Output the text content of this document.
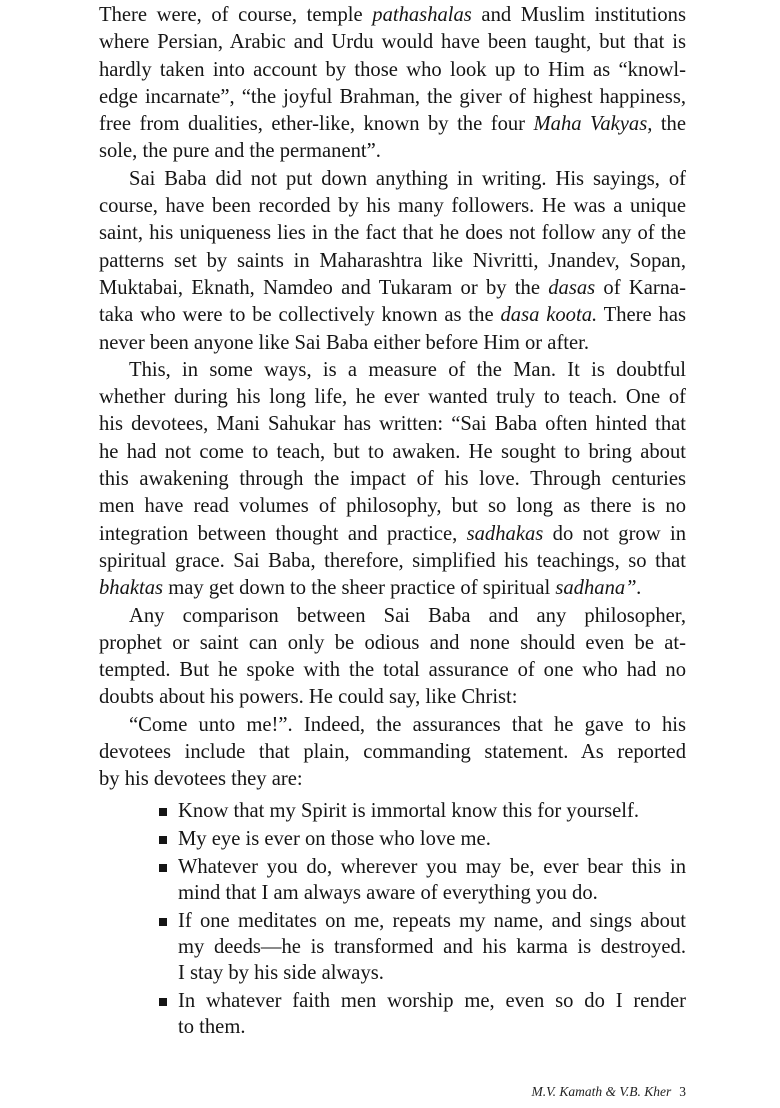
There were, of course, temple pathashalas and Muslim institutions
where Persian, Arabic and Urdu would have been taught, but that is
hardly taken into account by those who look up to Him as “knowl-
edge incarnate”, “the joyful Brahman, the giver of highest happiness,
free from dualities, ether-like, known by the four Maha Vakyas, the
sole, the pure and the permanent”.
Sai Baba did not put down anything in writing. His sayings, of
course, have been recorded by his many followers. He was a unique
saint, his uniqueness lies in the fact that he does not follow any of the
patterns set by saints in Maharashtra like Nivritti, Jnandev, Sopan,
Muktabai, Eknath, Namdeo and Tukaram or by the dasas of Karna-
taka who were to be collectively known as the dasa koota. There has
never been anyone like Sai Baba either before Him or after.
This, in some ways, is a measure of the Man. It is doubtful
whether during his long life, he ever wanted truly to teach. One of
his devotees, Mani Sahukar has written: “Sai Baba often hinted that
he had not come to teach, but to awaken. He sought to bring about
this awakening through the impact of his love. Through centuries
men have read volumes of philosophy, but so long as there is no
integration between thought and practice, sadhakas do not grow in
spiritual grace. Sai Baba, therefore, simplified his teachings, so that
bhaktas may get down to the sheer practice of spiritual sadhana”.
Any comparison between Sai Baba and any philosopher,
prophet or saint can only be odious and none should even be at-
tempted. But he spoke with the total assurance of one who had no
doubts about his powers. He could say, like Christ:
“Come unto me!”. Indeed, the assurances that he gave to his
devotees include that plain, commanding statement. As reported
by his devotees they are:
Know that my Spirit is immortal know this for yourself.
My eye is ever on those who love me.
Whatever you do, wherever you may be, ever bear this in
mind that I am always aware of everything you do.
If one meditates on me, repeats my name, and sings about
my deeds—he is transformed and his karma is destroyed.
I stay by his side always.
In whatever faith men worship me, even so do I render
to them.
M.V. Kamath & V.B. Kher 3
